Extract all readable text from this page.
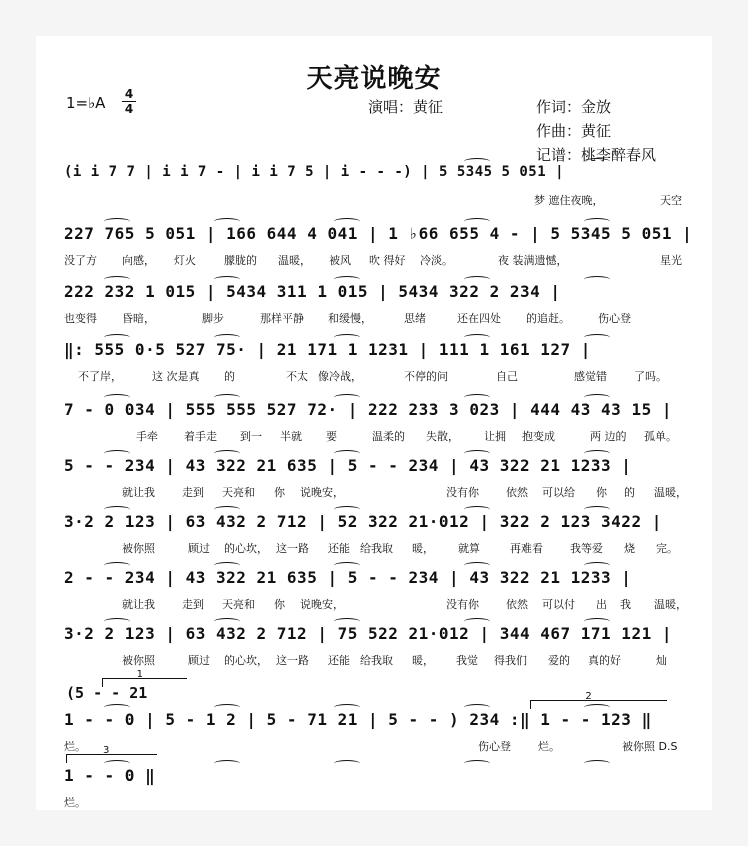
天亮说晚安
1=♭A 4
4	演唱：黄征	作词：金放
作曲：黄征
记谱：桃李醉春风
(i i 7 7 | i i 7 - | i i 7 5 | i - - -) | 5 5345 5 051 |
梦 遮住夜晚，	天空
227 765 5 051 | 166 644 4 041 | 1 ♭66 655 4 - | 5 5345 5 051 |
没了方 向感， 灯火	朦胧的 温暖， 被风 吹 得好 冷淡。	夜 装满遗憾，	星光
222 232 1 015 | 5434 311 1 015 | 5434 322 2 234 |
也变得 昏暗，	脚步	那样平静 和缓慢，	思绪	还在四处 的追赶。	伤心登
‖: 555 0·5 527 75· | 21 171 1 1231 | 111 1 161 127 |
不了岸，	这 次是真 的	不太 像冷战，	不停的问	自己	感觉错 了吗。
7 - 0 034 | 555 555 527 72· | 222 233 3 023 | 444 43 43 15 |
手牵 着手走 到一 半就 要	温柔的 失散， 让拥 抱变成	两 边的 孤单。
5 - - 234 | 43 322 21 635 | 5 - - 234 | 43 322 21 1233 |
就让我 走到 天亮和 你 说晚安，	没有你 依然 可以给 你 的 温暖，
3·2 2 123 | 63 432 2 712 | 52 322 21·012 | 322 2 123 3422 |
被你照	顾过 的心坎， 这一路 还能 给我取 暖， 就算	再难看 我等爱 烧 完。
2 - - 234 | 43 322 21 635 | 5 - - 234 | 43 322 21 1233 |
就让我 走到 天亮和 你 说晚安，	没有你 依然 可以付 出 我 温暖，
3·2 2 123 | 63 432 2 712 | 75 522 21·012 | 344 467 171 121 |
被你照	顾过 的心坎， 这一路 还能 给我取 暖， 我觉 得我们 爱的 真的好	灿
1 - - 0 | 5 - 1 2 | 5 - 71 21 | 5 - - ) 234 :‖ 1 - - 123 ‖
烂。	伤心登 烂。	被你照 D.S
1 - - 0 ‖
烂。
(5 - - 21
1
2
3
